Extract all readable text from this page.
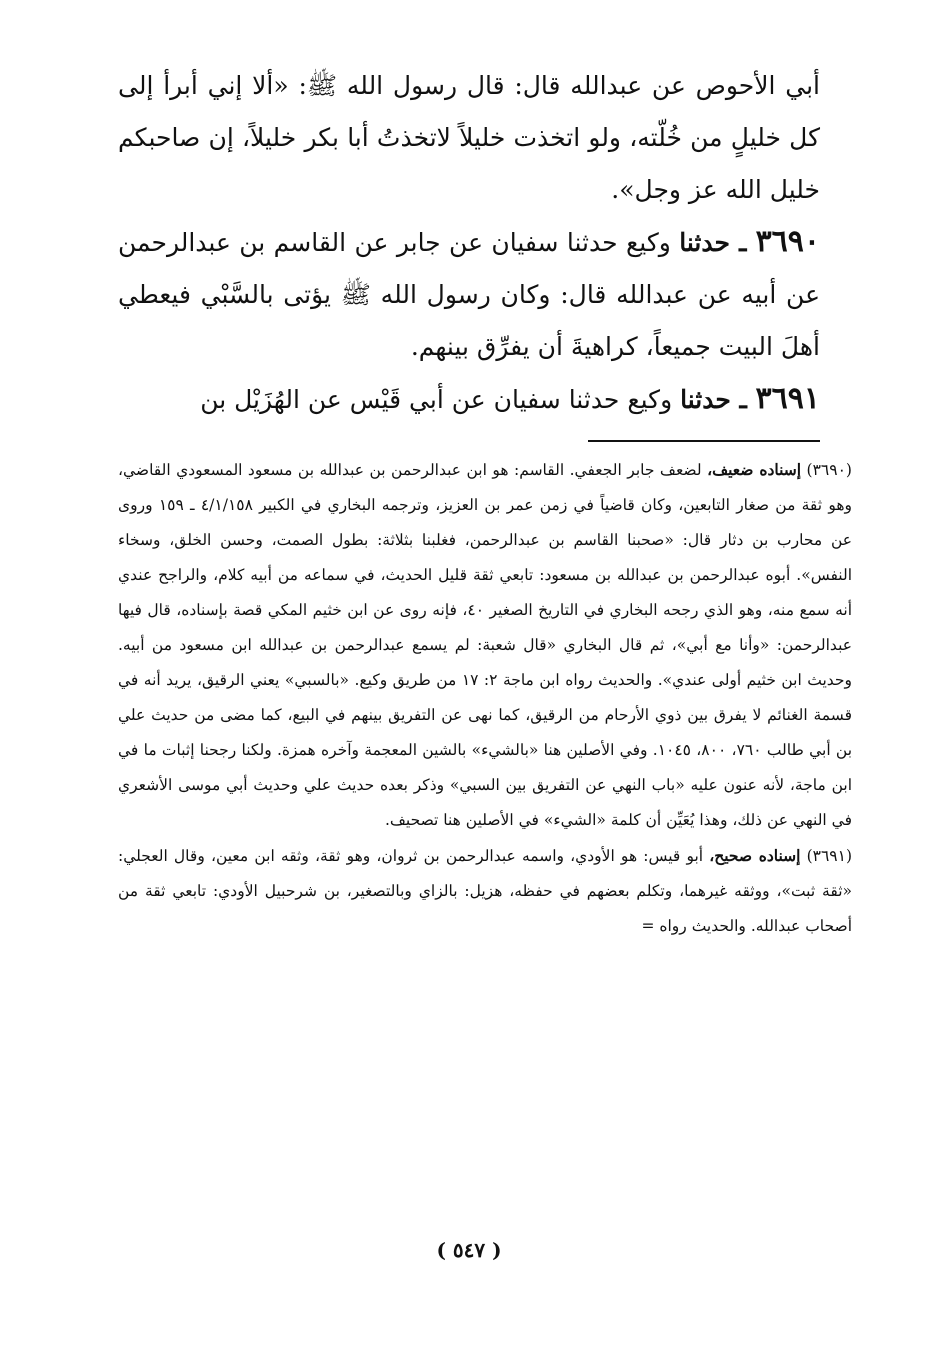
أبي الأحوص عن عبدالله قال: قال رسول الله ﷺ: «ألا إني أبرأ إلى كل خليلٍ من خُلّته، ولو اتخذت خليلاً لاتخذتُ أبا بكر خليلاً، إن صاحبكم خليل الله عز وجل».

٣٦٩٠ ـ حدثنا وكيع حدثنا سفيان عن جابر عن القاسم بن عبدالرحمن عن أبيه عن عبدالله قال: وكان رسول الله ﷺ يؤتى بالسَّبْي فيعطي أهلَ البيت جميعاً، كراهيةَ أن يفرِّق بينهم.

٣٦٩١ ـ حدثنا وكيع حدثنا سفيان عن أبي قَيْس عن الهُزَيْل بن

(٣٦٩٠) إسناده ضعيف، لضعف جابر الجعفي. القاسم: هو ابن عبدالرحمن بن عبدالله بن مسعود المسعودي القاضي، وهو ثقة من صغار التابعين، وكان قاضياً في زمن عمر بن العزيز، وترجمه البخاري في الكبير ٤/١/١٥٨ ـ ١٥٩ وروى عن محارب بن دثار قال: «صحبنا القاسم بن عبدالرحمن، فغلبنا بثلاثة: بطول الصمت، وحسن الخلق، وسخاء النفس». أبوه عبدالرحمن بن عبدالله بن مسعود: تابعي ثقة قليل الحديث، في سماعه من أبيه كلام، والراجح عندي أنه سمع منه، وهو الذي رجحه البخاري في التاريخ الصغير ٤٠، فإنه روى عن ابن خثيم المكي قصة بإسناده، قال فيها عبدالرحمن: «وأنا مع أبي»، ثم قال البخاري «قال شعبة: لم يسمع عبدالرحمن بن عبدالله ابن مسعود من أبيه. وحديث ابن خثيم أولى عندي». والحديث رواه ابن ماجة ٢: ١٧ من طريق وكيع. «بالسبي» يعني الرقيق، يريد أنه في قسمة الغنائم لا يفرق بين ذوي الأرحام من الرقيق، كما نهى عن التفريق بينهم في البيع، كما مضى من حديث علي بن أبي طالب ٧٦٠، ٨٠٠، ١٠٤٥. وفي الأصلين هنا «بالشيء» بالشين المعجمة وآخره همزة. ولكنا رجحنا إثبات ما في ابن ماجة، لأنه عنون عليه «باب النهي عن التفريق بين السبي» وذكر بعده حديث علي وحديث أبي موسى الأشعري في النهي عن ذلك، وهذا يُعَيِّن أن كلمة «الشيء» في الأصلين هنا تصحيف.

(٣٦٩١) إسناده صحيح، أبو قيس: هو الأودي، واسمه عبدالرحمن بن ثروان، وهو ثقة، وثقه ابن معين، وقال العجلي: «ثقة ثبت»، ووثقه غيرهما، وتكلم بعضهم في حفظه، هزيل: بالزاي وبالتصغير، بن شرحبيل الأودي: تابعي ثقة من أصحاب عبدالله. والحديث رواه =

( ٥٤٧ )
